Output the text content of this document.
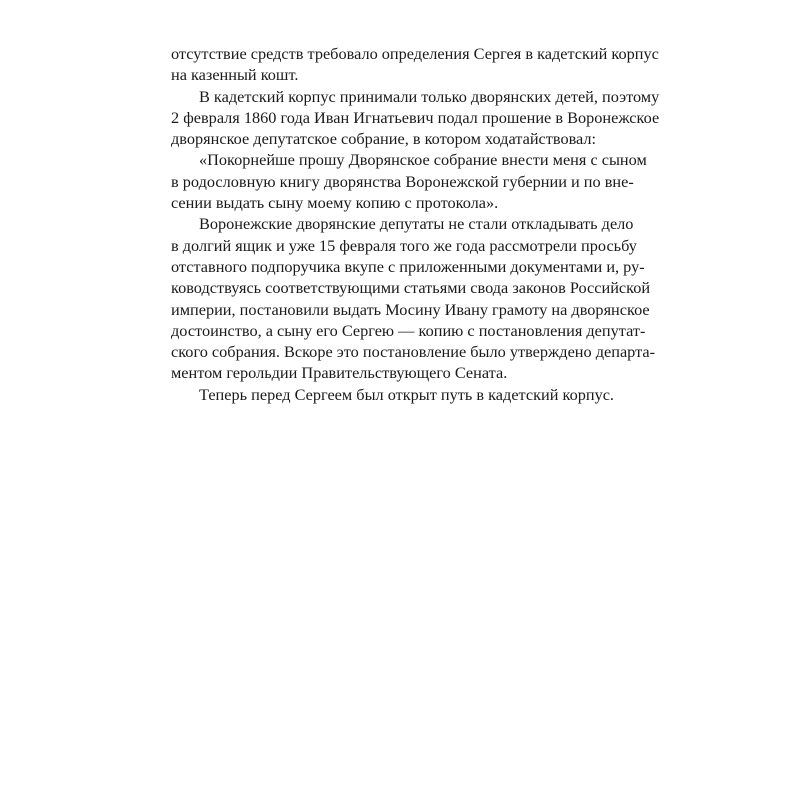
отсутствие средств требовало определения Сергея в кадетский корпус
на казенный кошт.
В кадетский корпус принимали только дворянских детей, поэтому
2 февраля 1860 года Иван Игнатьевич подал прошение в Воронежское
дворянское депутатское собрание, в котором ходатайствовал:
«Покорнейше прошу Дворянское собрание внести меня с сыном
в родословную книгу дворянства Воронежской губернии и по вне-
сении выдать сыну моему копию с протокола».
Воронежские дворянские депутаты не стали откладывать дело
в долгий ящик и уже 15 февраля того же года рассмотрели просьбу
отставного подпоручика вкупе с приложенными документами и, ру-
ководствуясь соответствующими статьями свода законов Российской
империи, постановили выдать Мосину Ивану грамоту на дворянское
достоинство, а сыну его Сергею — копию с постановления депутат-
ского собрания. Вскоре это постановление было утверждено департа-
ментом герольдии Правительствующего Сената.
Теперь перед Сергеем был открыт путь в кадетский корпус.
